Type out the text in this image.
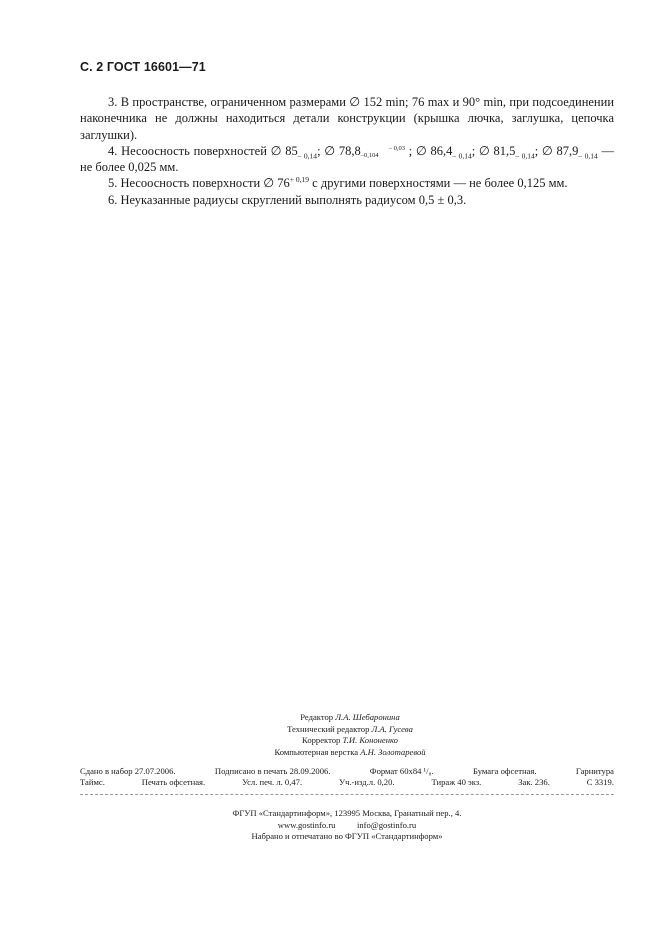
С. 2 ГОСТ 16601—71

3. В пространстве, ограниченном размерами ∅ 152 min; 76 max и 90° min, при подсоединении наконечника не должны находиться детали конструкции (крышка лючка, заглушка, цепочка заглушки).

4. Несоосность поверхностей ∅ $85_{- 0,14}$; ∅ 78,8	– 0,03
–0,104 ; ∅ $86,4_{- 0,14}$; ∅ $81,5_{- 0,14}$; ∅ $87,9_{- 0,14}$ — не более 0,025 мм.

5. Несоосность поверхности ∅ $76^{+ 0,19}$ с другими поверхностями — не более 0,125 мм.

6. Неуказанные радиусы скруглений выполнять радиусом 0,5 ± 0,3.

Редактор Л.А. Шебаронина
Технический редактор Л.А. Гусева
Корректор Т.И. Кононенко
Компьютерная верстка А.Н. Золотаревой
Сдано в набор 27.07.2006.	Подписано в печать 28.09.2006.	Формат 60х84 ¹/₈.	Бумага офсетная.	Гарнитура
Таймс.	Печать офсетная.	Усл. печ. л. 0,47.	Уч.-изд.л. 0,20.	Тираж 40 экз.	Зак. 236.	С 3319.
ФГУП «Стандартинформ», 123995 Москва, Гранатный пер., 4.
www.gostinfo.ru          info@gostinfo.ru
Набрано и отпечатано во ФГУП «Стандартинформ»
